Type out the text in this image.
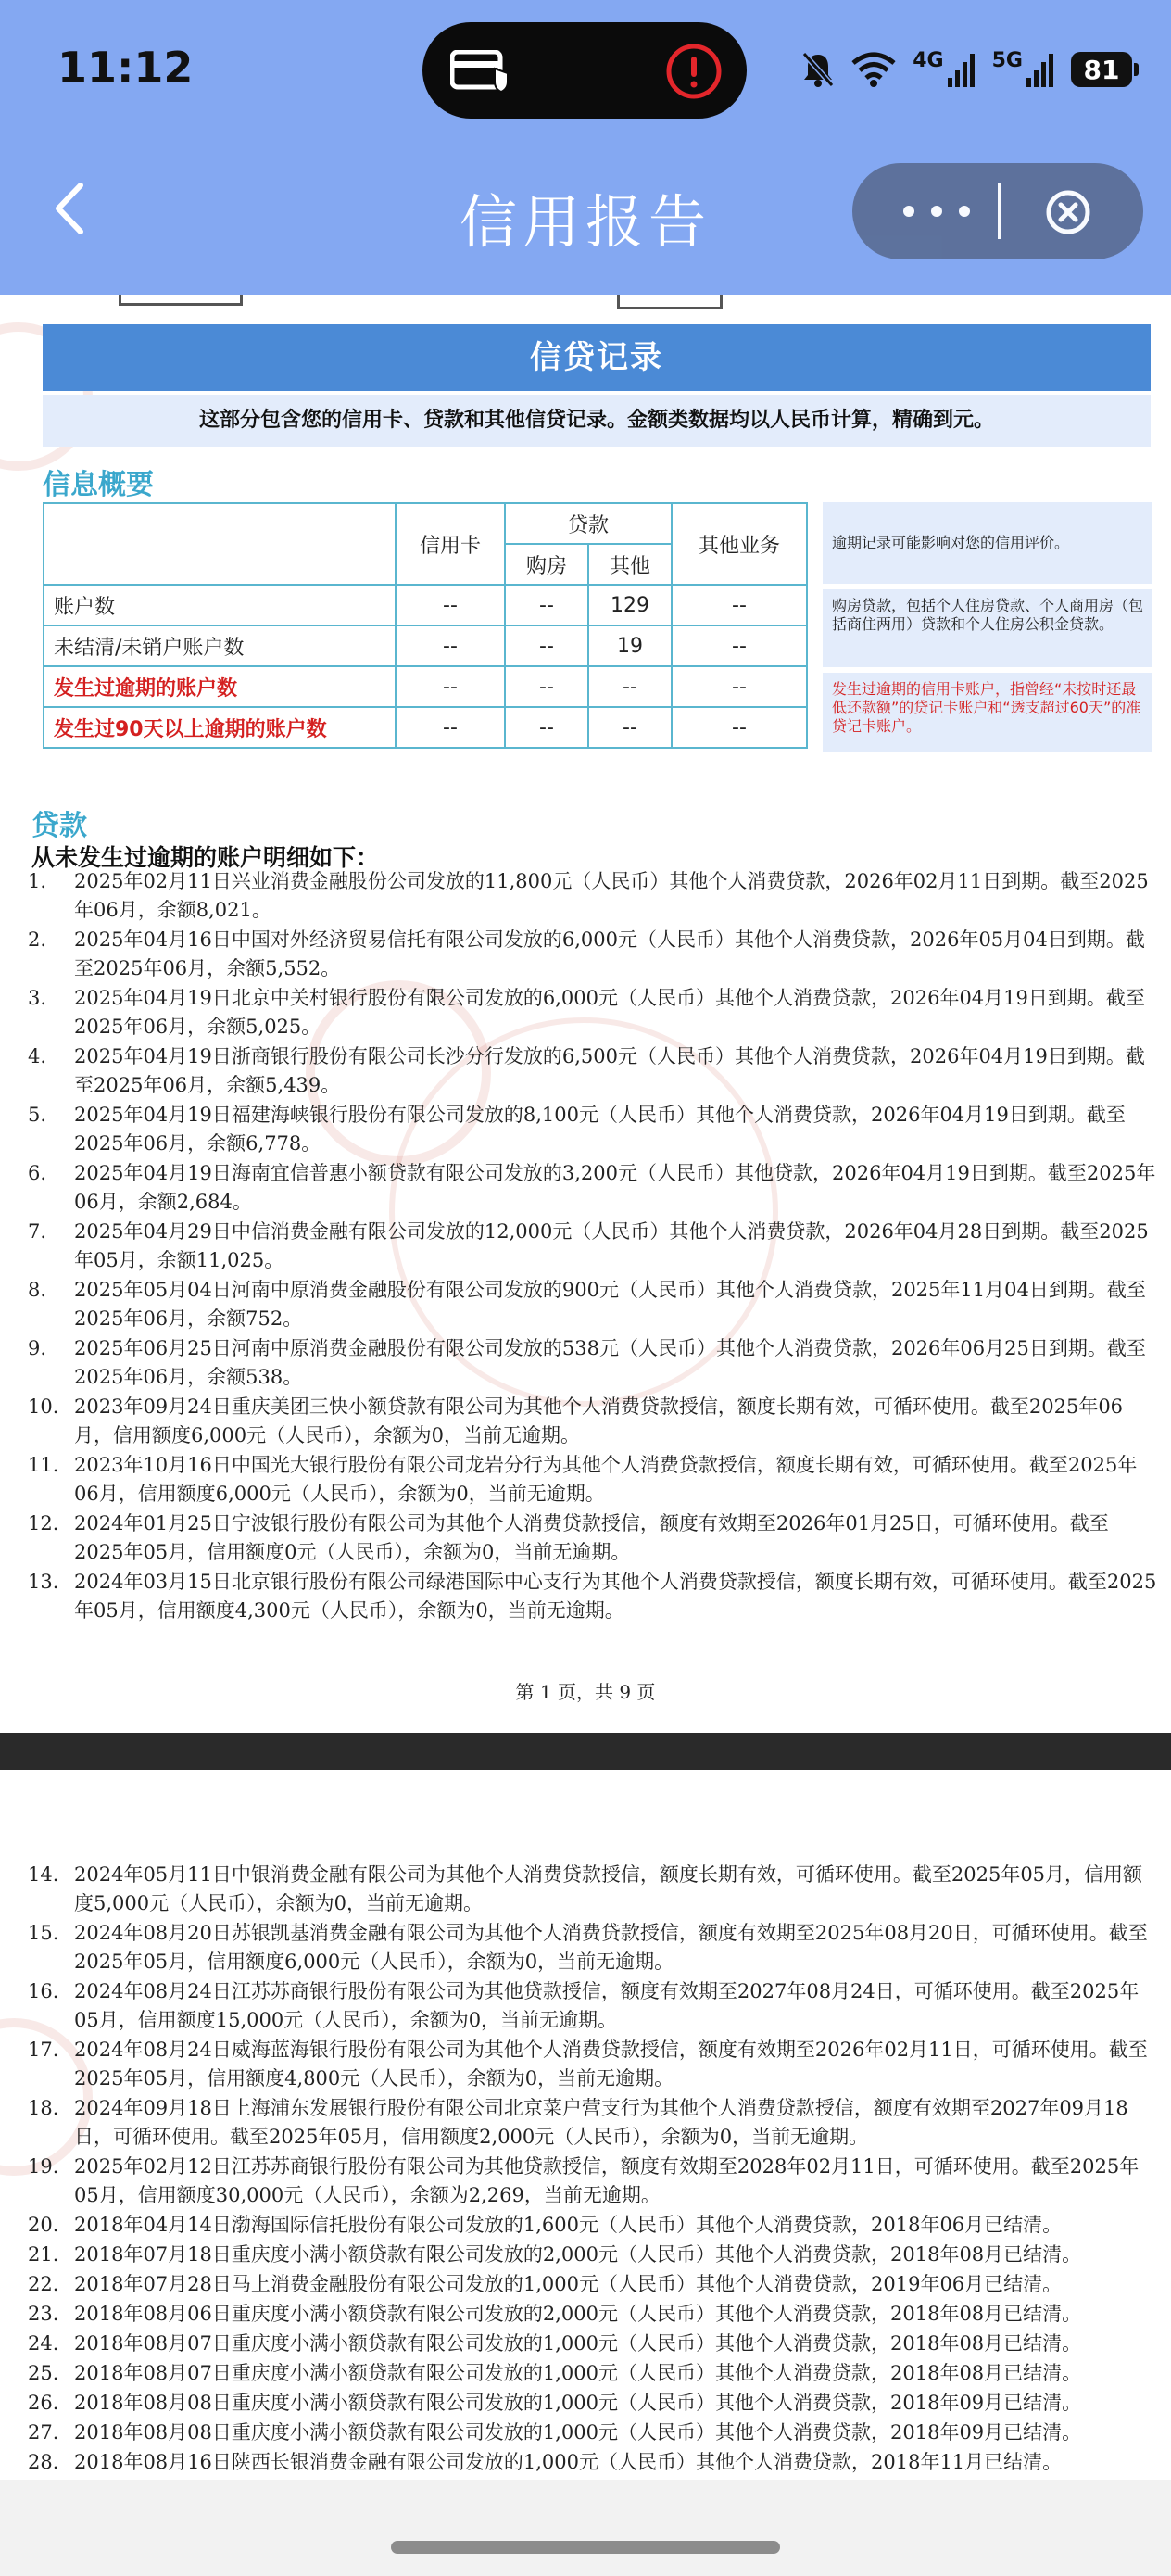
11:12	4G 5G 81
信用报告
信贷记录
这部分包含您的信用卡、贷款和其他信贷记录。金额类数据均以人民币计算，精确到元。
信息概要
	信用卡	贷款		其他业务
		购房	其他	
账户数	--	--	129	--
未结清/未销户账户数	--	--	19	--
发生过逾期的账户数	--	--	--	--
发生过90天以上逾期的账户数	--	--	--	--
逾期记录可能影响对您的信用评价。
购房贷款，包括个人住房贷款、个人商用房（包括商住两用）贷款和个人住房公积金贷款。
发生过逾期的信用卡账户，指曾经“未按时还最低还款额”的贷记卡账户和“透支超过60天”的准贷记卡账户。
贷款
从未发生过逾期的账户明细如下：
1.	2025年02月11日兴业消费金融股份公司发放的11,800元（人民币）其他个人消费贷款，2026年02月11日到期。截至2025年06月，余额8,021。
2.	2025年04月16日中国对外经济贸易信托有限公司发放的6,000元（人民币）其他个人消费贷款，2026年05月04日到期。截至2025年06月，余额5,552。
3.	2025年04月19日北京中关村银行股份有限公司发放的6,000元（人民币）其他个人消费贷款，2026年04月19日到期。截至2025年06月，余额5,025。
4.	2025年04月19日浙商银行股份有限公司长沙分行发放的6,500元（人民币）其他个人消费贷款，2026年04月19日到期。截至2025年06月，余额5,439。
5.	2025年04月19日福建海峡银行股份有限公司发放的8,100元（人民币）其他个人消费贷款，2026年04月19日到期。截至2025年06月，余额6,778。
6.	2025年04月19日海南宜信普惠小额贷款有限公司发放的3,200元（人民币）其他贷款，2026年04月19日到期。截至2025年06月，余额2,684。
7.	2025年04月29日中信消费金融有限公司发放的12,000元（人民币）其他个人消费贷款，2026年04月28日到期。截至2025年05月，余额11,025。
8.	2025年05月04日河南中原消费金融股份有限公司发放的900元（人民币）其他个人消费贷款，2025年11月04日到期。截至2025年06月，余额752。
9.	2025年06月25日河南中原消费金融股份有限公司发放的538元（人民币）其他个人消费贷款，2026年06月25日到期。截至2025年06月，余额538。
10. 2023年09月24日重庆美团三快小额贷款有限公司为其他个人消费贷款授信，额度长期有效，可循环使用。截至2025年06月，信用额度6,000元（人民币），余额为0，当前无逾期。
11. 2023年10月16日中国光大银行股份有限公司龙岩分行为其他个人消费贷款授信，额度长期有效，可循环使用。截至2025年06月，信用额度6,000元（人民币），余额为0，当前无逾期。
12. 2024年01月25日宁波银行股份有限公司为其他个人消费贷款授信，额度有效期至2026年01月25日，可循环使用。截至2025年05月，信用额度0元（人民币），余额为0，当前无逾期。
13. 2024年03月15日北京银行股份有限公司绿港国际中心支行为其他个人消费贷款授信，额度长期有效，可循环使用。截至2025年05月，信用额度4,300元（人民币），余额为0，当前无逾期。
第 1 页，共 9 页
14. 2024年05月11日中银消费金融有限公司为其他个人消费贷款授信，额度长期有效，可循环使用。截至2025年05月，信用额度5,000元（人民币），余额为0，当前无逾期。
15. 2024年08月20日苏银凯基消费金融有限公司为其他个人消费贷款授信，额度有效期至2025年08月20日，可循环使用。截至2025年05月，信用额度6,000元（人民币），余额为0，当前无逾期。
16. 2024年08月24日江苏苏商银行股份有限公司为其他贷款授信，额度有效期至2027年08月24日，可循环使用。截至2025年05月，信用额度15,000元（人民币），余额为0，当前无逾期。
17. 2024年08月24日威海蓝海银行股份有限公司为其他个人消费贷款授信，额度有效期至2026年02月11日，可循环使用。截至2025年05月，信用额度4,800元（人民币），余额为0，当前无逾期。
18. 2024年09月18日上海浦东发展银行股份有限公司北京菜户营支行为其他个人消费贷款授信，额度有效期至2027年09月18日，可循环使用。截至2025年05月，信用额度2,000元（人民币），余额为0，当前无逾期。
19. 2025年02月12日江苏苏商银行股份有限公司为其他贷款授信，额度有效期至2028年02月11日，可循环使用。截至2025年05月，信用额度30,000元（人民币），余额为2,269，当前无逾期。
20. 2018年04月14日渤海国际信托股份有限公司发放的1,600元（人民币）其他个人消费贷款，2018年06月已结清。
21. 2018年07月18日重庆度小满小额贷款有限公司发放的2,000元（人民币）其他个人消费贷款，2018年08月已结清。
22. 2018年07月28日马上消费金融股份有限公司发放的1,000元（人民币）其他个人消费贷款，2019年06月已结清。
23. 2018年08月06日重庆度小满小额贷款有限公司发放的2,000元（人民币）其他个人消费贷款，2018年08月已结清。
24. 2018年08月07日重庆度小满小额贷款有限公司发放的1,000元（人民币）其他个人消费贷款，2018年08月已结清。
25. 2018年08月07日重庆度小满小额贷款有限公司发放的1,000元（人民币）其他个人消费贷款，2018年08月已结清。
26. 2018年08月08日重庆度小满小额贷款有限公司发放的1,000元（人民币）其他个人消费贷款，2018年09月已结清。
27. 2018年08月08日重庆度小满小额贷款有限公司发放的1,000元（人民币）其他个人消费贷款，2018年09月已结清。
28. 2018年08月16日陕西长银消费金融有限公司发放的1,000元（人民币）其他个人消费贷款，2018年11月已结清。
